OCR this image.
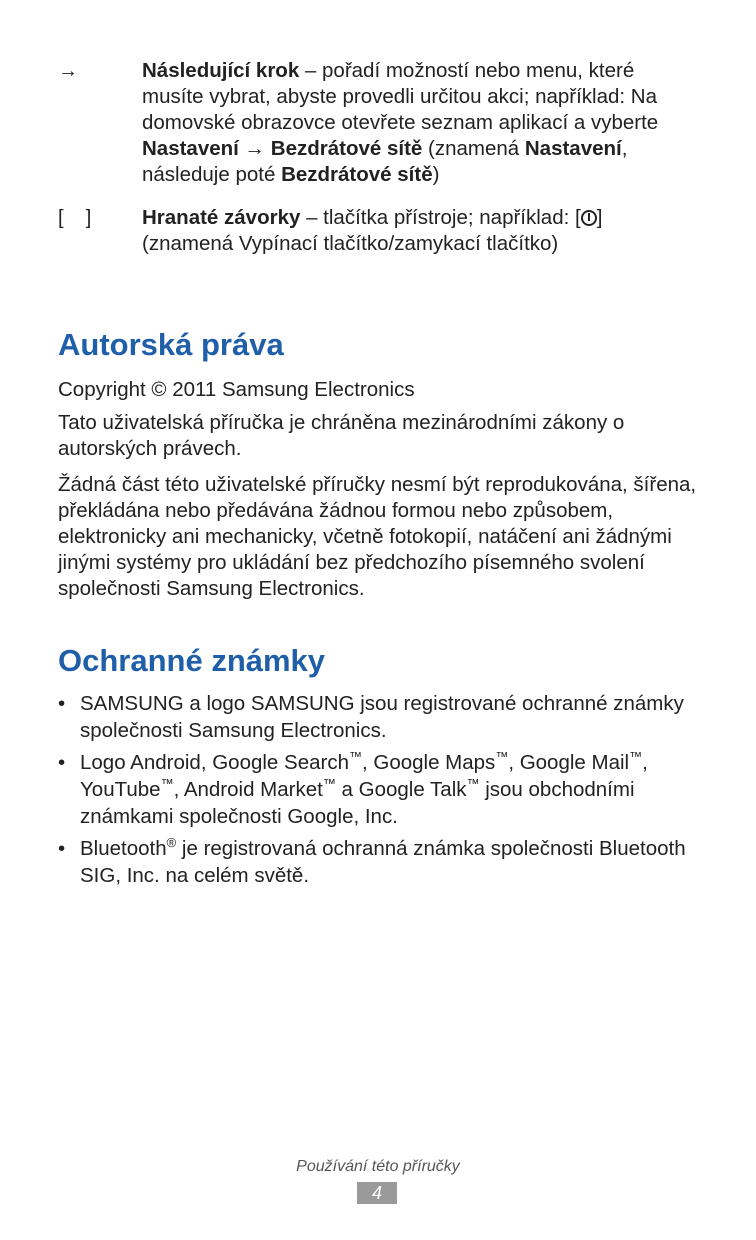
→	Následující krok – pořadí možností nebo menu, které musíte vybrat, abyste provedli určitou akci; například: Na domovské obrazovce otevřete seznam aplikací a vyberte Nastavení → Bezdrátové sítě (znamená Nastavení, následuje poté Bezdrátové sítě)
[    ]	Hranaté závorky – tlačítka přístroje; například: [ ] (znamená Vypínací tlačítko/zamykací tlačítko)
Autorská práva

Copyright © 2011 Samsung Electronics

Tato uživatelská příručka je chráněna mezinárodními zákony o autorských právech.

Žádná část této uživatelské příručky nesmí být reprodukována, šířena, překládána nebo předávána žádnou formou nebo způsobem, elektronicky ani mechanicky, včetně fotokopií, natáčení ani žádnými jinými systémy pro ukládání bez předchozího písemného svolení společnosti Samsung Electronics.

Ochranné známky
• SAMSUNG a logo SAMSUNG jsou registrované ochranné známky společnosti Samsung Electronics.
• Logo Android, Google Search™, Google Maps™, Google Mail™, YouTube™, Android Market™ a Google Talk™ jsou obchodními známkami společnosti Google, Inc.
• Bluetooth® je registrovaná ochranná známka společnosti Bluetooth SIG, Inc. na celém světě.
Používání této příručky
4
